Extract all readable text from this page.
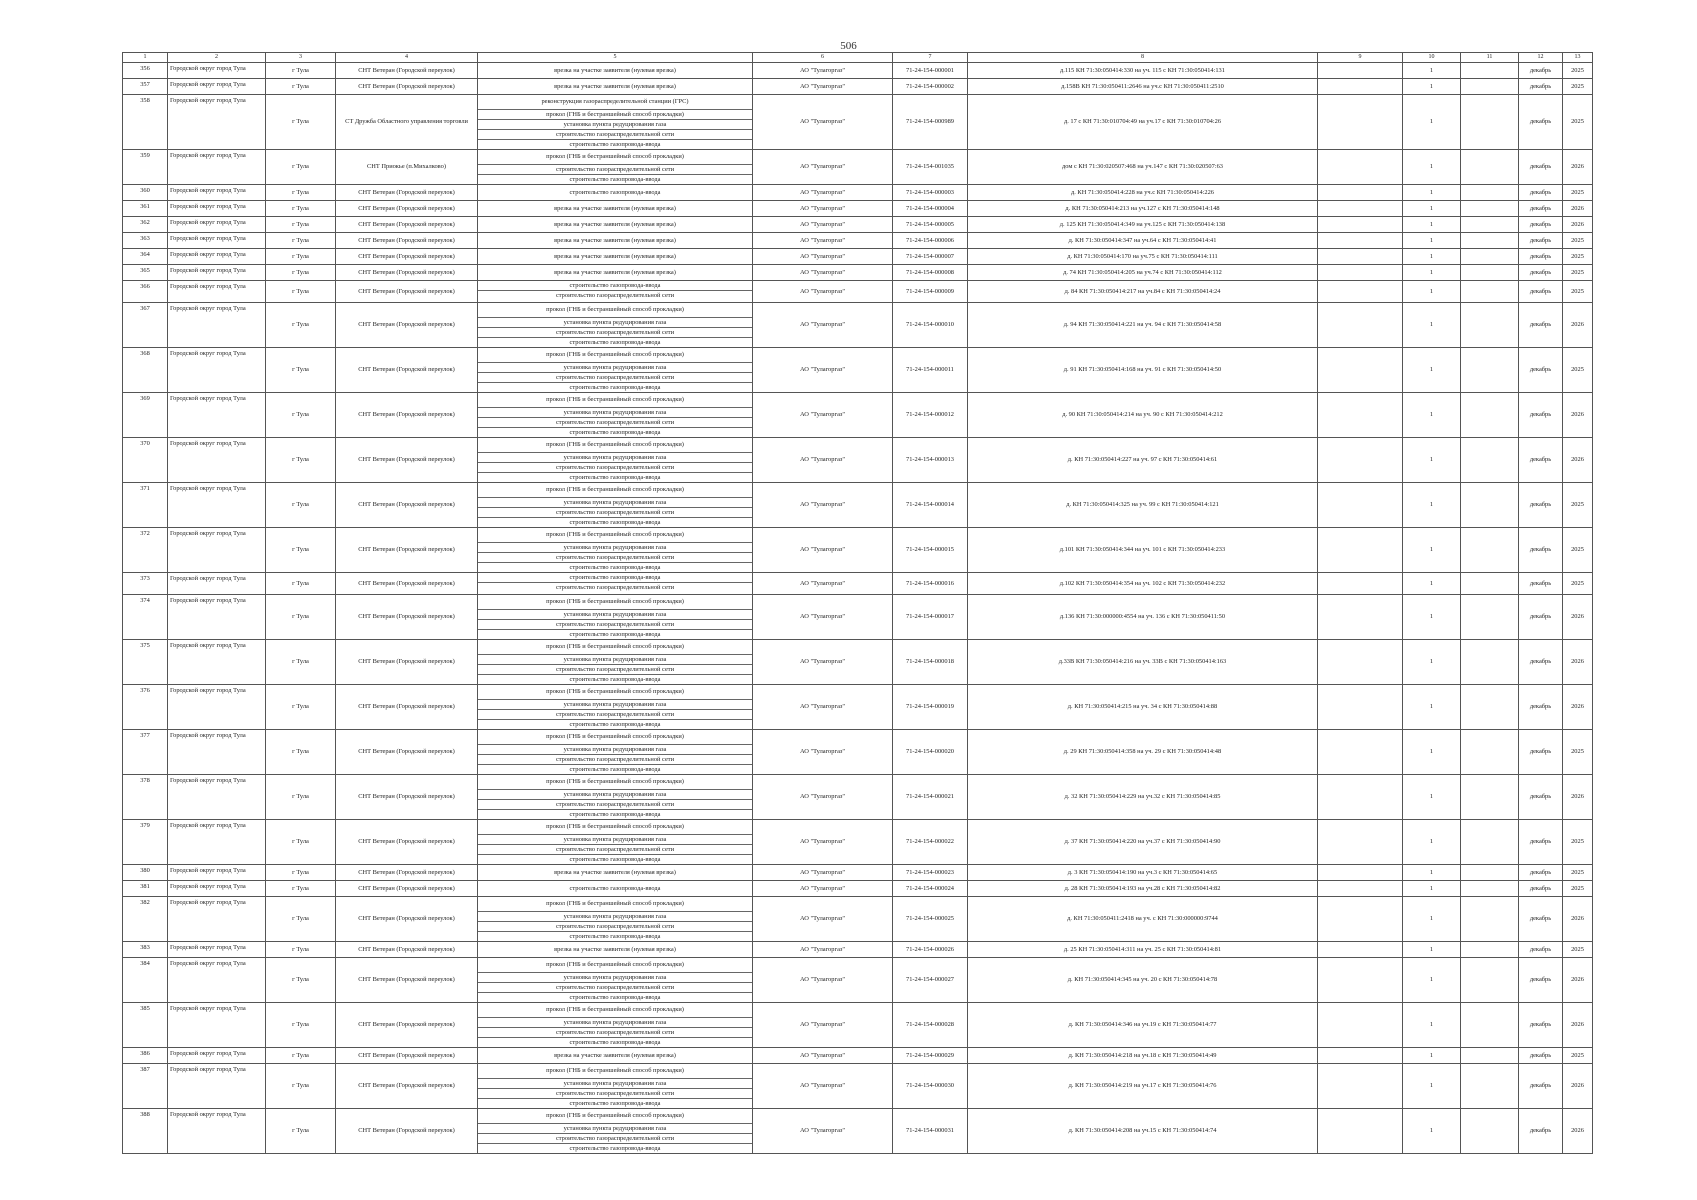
506
1	2	3	4	5	6	7	8	9	10	11	12	13
356	Городской округ город Тула	г Тула	СНТ Ветеран (Городской переулок)	врезка на участке заявителя (нулевая врезка)	АО "Тулагоргаз"	71-24-154-000001	д.115 КН 71:30:050414:330 на уч. 115 с КН 71:30:050414:131		1		декабрь	2025
357	Городской округ город Тула	г Тула	СНТ Ветеран (Городской переулок)	врезка на участке заявителя (нулевая врезка)	АО "Тулагоргаз"	71-24-154-000002	д.158В КН 71:30:050411:2646 на уч.с КН 71:30:050411:2510		1		декабрь	2025
358	Городской округ город Тула	г Тула	СТ Дружба Областного управления торговли	реконструкция газораспределительной станции (ГРС)
прокол (ГНБ и бестраншейный способ прокладки)
установка пункта редуцирования газа
строительство газораспределительной сети
строительство газопровода-ввода	АО "Тулагоргаз"	71-24-154-000989	д. 17 с КН 71:30:010704:49 на уч.17 с КН 71:30:010704:26		1		декабрь	2025
359	Городской округ город Тула	г Тула	СНТ Приокье (п.Михалково)	прокол (ГНБ и бестраншейный способ прокладки)
строительство газораспределительной сети
строительство газопровода-ввода	АО "Тулагоргаз"	71-24-154-001035	дом с КН 71:30:020507:468 на уч.147 с КН 71:30:020507:63		1		декабрь	2026
360	Городской округ город Тула	г Тула	СНТ Ветеран (Городской переулок)	строительство газопровода-ввода	АО "Тулагоргаз"	71-24-154-000003	д. КН 71:30:050414:228 на уч.с КН 71:30:050414:226		1		декабрь	2025
361	Городской округ город Тула	г Тула	СНТ Ветеран (Городской переулок)	врезка на участке заявителя (нулевая врезка)	АО "Тулагоргаз"	71-24-154-000004	д. КН 71:30:050414:213 на уч.127 с КН 71:30:050414:148		1		декабрь	2026
362	Городской округ город Тула	г Тула	СНТ Ветеран (Городской переулок)	врезка на участке заявителя (нулевая врезка)	АО "Тулагоргаз"	71-24-154-000005	д. 125 КН 71:30:050414:349 на уч.125 с КН 71:30:050414:138		1		декабрь	2026
363	Городской округ город Тула	г Тула	СНТ Ветеран (Городской переулок)	врезка на участке заявителя (нулевая врезка)	АО "Тулагоргаз"	71-24-154-000006	д. КН 71:30:050414:347 на уч.64 с КН 71:30:050414:41		1		декабрь	2025
364	Городской округ город Тула	г Тула	СНТ Ветеран (Городской переулок)	врезка на участке заявителя (нулевая врезка)	АО "Тулагоргаз"	71-24-154-000007	д. КН 71:30:050414:170 на уч.75 с КН 71:30:050414:111		1		декабрь	2025
365	Городской округ город Тула	г Тула	СНТ Ветеран (Городской переулок)	врезка на участке заявителя (нулевая врезка)	АО "Тулагоргаз"	71-24-154-000008	д. 74 КН 71:30:050414:205 на уч.74 с КН 71:30:050414:112		1		декабрь	2025
366	Городской округ город Тула	г Тула	СНТ Ветеран (Городской переулок)	строительство газопровода-ввода
строительство газораспределительной сети	АО "Тулагоргаз"	71-24-154-000009	д. 84 КН 71:30:050414:217 на уч.84 с КН 71:30:050414:24		1		декабрь	2025
367	Городской округ город Тула	г Тула	СНТ Ветеран (Городской переулок)	прокол (ГНБ и бестраншейный способ прокладки)
установка пункта редуцирования газа
строительство газораспределительной сети
строительство газопровода-ввода	АО "Тулагоргаз"	71-24-154-000010	д. 94 КН 71:30:050414:221 на уч. 94 с КН 71:30:050414:58		1		декабрь	2026
368	Городской округ город Тула	г Тула	СНТ Ветеран (Городской переулок)	прокол (ГНБ и бестраншейный способ прокладки)
установка пункта редуцирования газа
строительство газораспределительной сети
строительство газопровода-ввода	АО "Тулагоргаз"	71-24-154-000011	д. 91 КН 71:30:050414:168 на уч. 91 с КН 71:30:050414:50		1		декабрь	2025
369	Городской округ город Тула	г Тула	СНТ Ветеран (Городской переулок)	прокол (ГНБ и бестраншейный способ прокладки)
установка пункта редуцирования газа
строительство газораспределительной сети
строительство газопровода-ввода	АО "Тулагоргаз"	71-24-154-000012	д. 90 КН 71:30:050414:214 на уч. 90 с КН 71:30:050414:212		1		декабрь	2026
370	Городской округ город Тула	г Тула	СНТ Ветеран (Городской переулок)	прокол (ГНБ и бестраншейный способ прокладки)
установка пункта редуцирования газа
строительство газораспределительной сети
строительство газопровода-ввода	АО "Тулагоргаз"	71-24-154-000013	д. КН 71:30:050414:227 на уч. 97 с КН 71:30:050414:61		1		декабрь	2026
371	Городской округ город Тула	г Тула	СНТ Ветеран (Городской переулок)	прокол (ГНБ и бестраншейный способ прокладки)
установка пункта редуцирования газа
строительство газораспределительной сети
строительство газопровода-ввода	АО "Тулагоргаз"	71-24-154-000014	д. КН 71:30:050414:325 на уч. 99 с КН 71:30:050414:121		1		декабрь	2025
372	Городской округ город Тула	г Тула	СНТ Ветеран (Городской переулок)	прокол (ГНБ и бестраншейный способ прокладки)
установка пункта редуцирования газа
строительство газораспределительной сети
строительство газопровода-ввода	АО "Тулагоргаз"	71-24-154-000015	д.101 КН 71:30:050414:344 на уч. 101 с КН 71:30:050414:233		1		декабрь	2025
373	Городской округ город Тула	г Тула	СНТ Ветеран (Городской переулок)	строительство газопровода-ввода
строительство газораспределительной сети	АО "Тулагоргаз"	71-24-154-000016	д.102 КН 71:30:050414:354 на уч. 102 с КН 71:30:050414:232		1		декабрь	2025
374	Городской округ город Тула	г Тула	СНТ Ветеран (Городской переулок)	прокол (ГНБ и бестраншейный способ прокладки)
установка пункта редуцирования газа
строительство газораспределительной сети
строительство газопровода-ввода	АО "Тулагоргаз"	71-24-154-000017	д.136 КН 71:30:000000:4554 на уч. 136 с КН 71:30:050411:50		1		декабрь	2026
375	Городской округ город Тула	г Тула	СНТ Ветеран (Городской переулок)	прокол (ГНБ и бестраншейный способ прокладки)
установка пункта редуцирования газа
строительство газораспределительной сети
строительство газопровода-ввода	АО "Тулагоргаз"	71-24-154-000018	д.33В КН 71:30:050414:216 на уч. 33В с КН 71:30:050414:163		1		декабрь	2026
376	Городской округ город Тула	г Тула	СНТ Ветеран (Городской переулок)	прокол (ГНБ и бестраншейный способ прокладки)
установка пункта редуцирования газа
строительство газораспределительной сети
строительство газопровода-ввода	АО "Тулагоргаз"	71-24-154-000019	д. КН 71:30:050414:215 на уч. 34 с КН 71:30:050414:88		1		декабрь	2026
377	Городской округ город Тула	г Тула	СНТ Ветеран (Городской переулок)	прокол (ГНБ и бестраншейный способ прокладки)
установка пункта редуцирования газа
строительство газораспределительной сети
строительство газопровода-ввода	АО "Тулагоргаз"	71-24-154-000020	д. 29 КН 71:30:050414:358 на уч. 29 с КН 71:30:050414:48		1		декабрь	2025
378	Городской округ город Тула	г Тула	СНТ Ветеран (Городской переулок)	прокол (ГНБ и бестраншейный способ прокладки)
установка пункта редуцирования газа
строительство газораспределительной сети
строительство газопровода-ввода	АО "Тулагоргаз"	71-24-154-000021	д. 32 КН 71:30:050414:229 на уч.32 с КН 71:30:050414:85		1		декабрь	2026
379	Городской округ город Тула	г Тула	СНТ Ветеран (Городской переулок)	прокол (ГНБ и бестраншейный способ прокладки)
установка пункта редуцирования газа
строительство газораспределительной сети
строительство газопровода-ввода	АО "Тулагоргаз"	71-24-154-000022	д. 37 КН 71:30:050414:220 на уч.37 с КН 71:30:050414:90		1		декабрь	2025
380	Городской округ город Тула	г Тула	СНТ Ветеран (Городской переулок)	врезка на участке заявителя (нулевая врезка)	АО "Тулагоргаз"	71-24-154-000023	д. 3 КН 71:30:050414:190 на уч.3 с КН 71:30:050414:65		1		декабрь	2025
381	Городской округ город Тула	г Тула	СНТ Ветеран (Городской переулок)	строительство газопровода-ввода	АО "Тулагоргаз"	71-24-154-000024	д. 28 КН 71:30:050414:193 на уч.28 с КН 71:30:050414:82		1		декабрь	2025
382	Городской округ город Тула	г Тула	СНТ Ветеран (Городской переулок)	прокол (ГНБ и бестраншейный способ прокладки)
установка пункта редуцирования газа
строительство газораспределительной сети
строительство газопровода-ввода	АО "Тулагоргаз"	71-24-154-000025	д. КН 71:30:050411:2418 на уч. с КН 71:30:000000:9744		1		декабрь	2026
383	Городской округ город Тула	г Тула	СНТ Ветеран (Городской переулок)	врезка на участке заявителя (нулевая врезка)	АО "Тулагоргаз"	71-24-154-000026	д. 25 КН 71:30:050414:311 на уч. 25 с КН 71:30:050414:81		1		декабрь	2025
384	Городской округ город Тула	г Тула	СНТ Ветеран (Городской переулок)	прокол (ГНБ и бестраншейный способ прокладки)
установка пункта редуцирования газа
строительство газораспределительной сети
строительство газопровода-ввода	АО "Тулагоргаз"	71-24-154-000027	д. КН 71:30:050414:345 на уч. 20 с КН 71:30:050414:78		1		декабрь	2026
385	Городской округ город Тула	г Тула	СНТ Ветеран (Городской переулок)	прокол (ГНБ и бестраншейный способ прокладки)
установка пункта редуцирования газа
строительство газораспределительной сети
строительство газопровода-ввода	АО "Тулагоргаз"	71-24-154-000028	д. КН 71:30:050414:346 на уч.19 с КН 71:30:050414:77		1		декабрь	2026
386	Городской округ город Тула	г Тула	СНТ Ветеран (Городской переулок)	врезка на участке заявителя (нулевая врезка)	АО "Тулагоргаз"	71-24-154-000029	д. КН 71:30:050414:218 на уч.18 с КН 71:30:050414:49		1		декабрь	2025
387	Городской округ город Тула	г Тула	СНТ Ветеран (Городской переулок)	прокол (ГНБ и бестраншейный способ прокладки)
установка пункта редуцирования газа
строительство газораспределительной сети
строительство газопровода-ввода	АО "Тулагоргаз"	71-24-154-000030	д. КН 71:30:050414:219 на уч.17 с КН 71:30:050414:76		1		декабрь	2026
388	Городской округ город Тула	г Тула	СНТ Ветеран (Городской переулок)	прокол (ГНБ и бестраншейный способ прокладки)
установка пункта редуцирования газа
строительство газораспределительной сети
строительство газопровода-ввода	АО "Тулагоргаз"	71-24-154-000031	д. КН 71:30:050414:208 на уч.15 с КН 71:30:050414:74		1		декабрь	2026
